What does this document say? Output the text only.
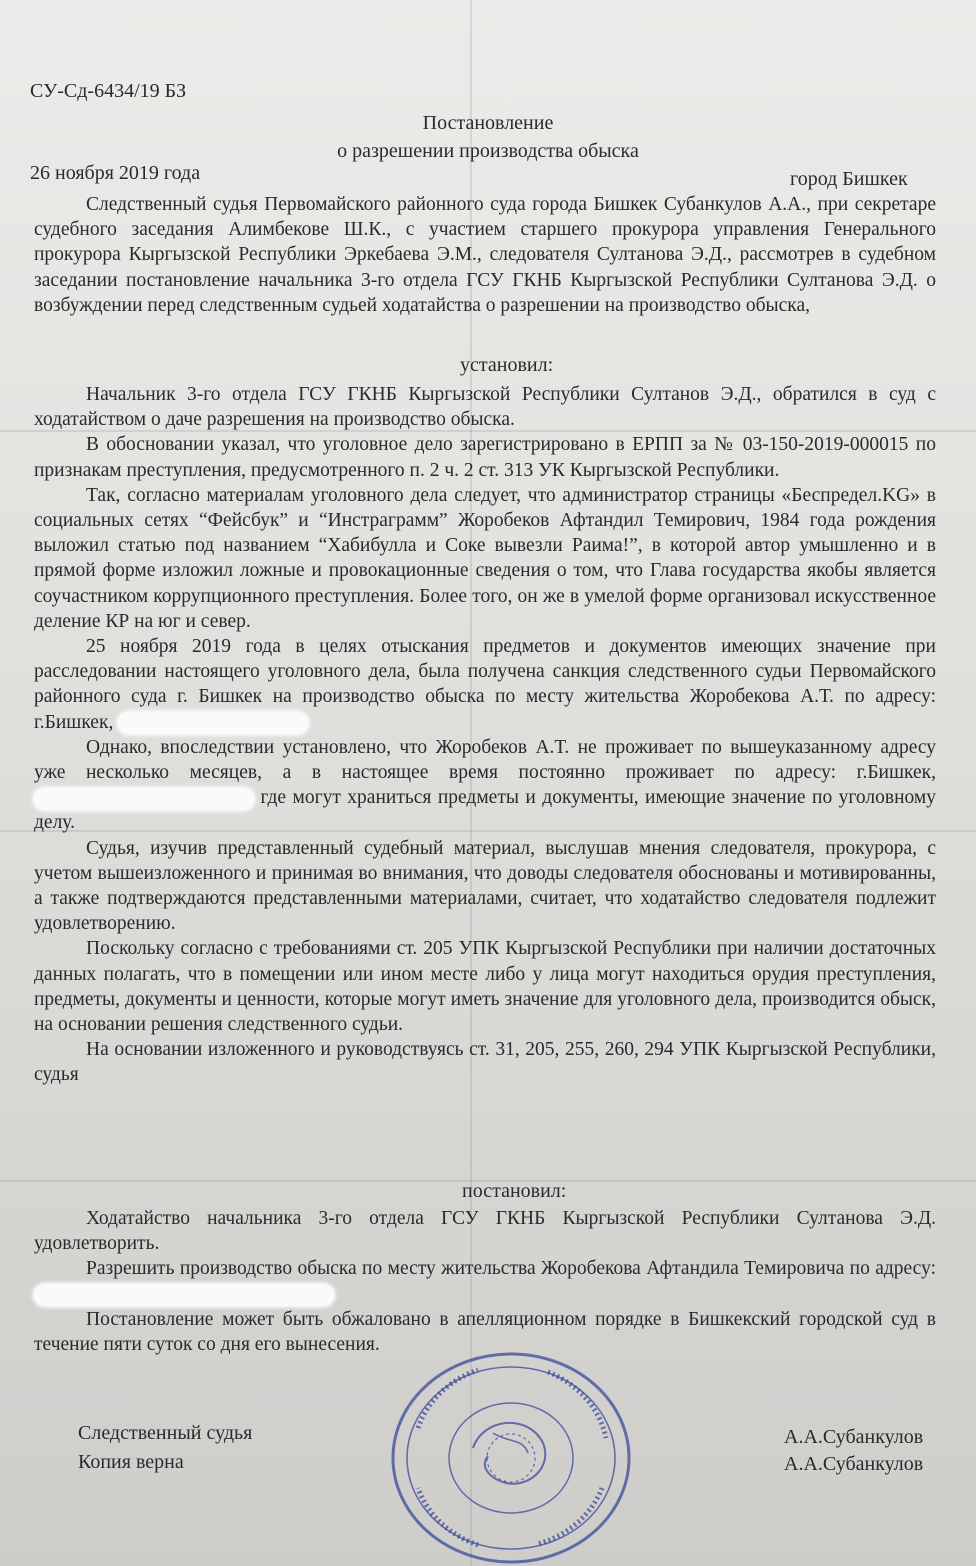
СУ-Сд-6434/19 БЗ
Постановление
о разрешении производства обыска
26 ноября 2019 года	город Бишкек

Следственный судья Первомайского районного суда города Бишкек Субанкулов А.А., при секретаре судебного заседания Алимбекове Ш.К., с участием старшего прокурора управления Генерального прокурора Кыргызской Республики Эркебаева Э.М., следователя Султанова Э.Д., рассмотрев в судебном заседании постановление начальника 3-го отдела ГСУ ГКНБ Кыргызской Республики Султанова Э.Д. о возбуждении перед следственным судьей ходатайства о разрешении на производство обыска,

установил:

Начальник 3-го отдела ГСУ ГКНБ Кыргызской Республики Султанов Э.Д., обратился в суд с ходатайством о даче разрешения на производство обыска.

В обосновании указал, что уголовное дело зарегистрировано в ЕРПП за № 03-150-2019-000015 по признакам преступления, предусмотренного п. 2 ч. 2 ст. 313 УК Кыргызской Республики.

Так, согласно материалам уголовного дела следует, что администратор страницы «Беспредел.KG» в социальных сетях “Фейсбук” и “Инстраграмм” Жоробеков Афтандил Темирович, 1984 года рождения выложил статью под названием “Хабибулла и Соке вывезли Раима!”, в которой автор умышленно и в прямой форме изложил ложные и провокационные сведения о том, что Глава государства якобы является соучастником коррупционного преступления. Более того, он же в умелой форме организовал искусственное деление КР на юг и север.

25 ноября 2019 года в целях отыскания предметов и документов имеющих значение при расследовании настоящего уголовного дела, была получена санкция следственного судьи Первомайского районного суда г. Бишкек на производство обыска по месту жительства Жоробекова А.Т. по адресу: г.Бишкек,

Однако, впоследствии установлено, что Жоробеков А.Т. не проживает по вышеуказанному адресу уже несколько месяцев, а в настоящее время постоянно проживает по адресу: г.Бишкек,  где могут храниться предметы и документы, имеющие значение по уголовному делу.

Судья, изучив представленный судебный материал, выслушав мнения следователя, прокурора, с учетом вышеизложенного и принимая во внимания, что доводы следователя обоснованы и мотивированны, а также подтверждаются представленными материалами, считает, что ходатайство следователя подлежит удовлетворению.

Поскольку согласно с требованиями ст. 205 УПК Кыргызской Республики при наличии достаточных данных полагать, что в помещении или ином месте либо у лица могут находиться орудия преступления, предметы, документы и ценности, которые могут иметь значение для уголовного дела, производится обыск, на основании решения следственного судьи.

На основании изложенного и руководствуясь ст. 31, 205, 255, 260, 294 УПК Кыргызской Республики, судья

постановил:

Ходатайство начальника 3-го отдела ГСУ ГКНБ Кыргызской Республики Султанова Э.Д. удовлетворить.

Разрешить производство обыска по месту жительства Жоробекова Афтандила Темировича по адресу:

Постановление может быть обжаловано в апелляционном порядке в Бишкекский городской суд в течение пяти суток со дня его вынесения.

Следственный судья	А.А.Субанкулов
Копия верна	А.А.Субанкулов
